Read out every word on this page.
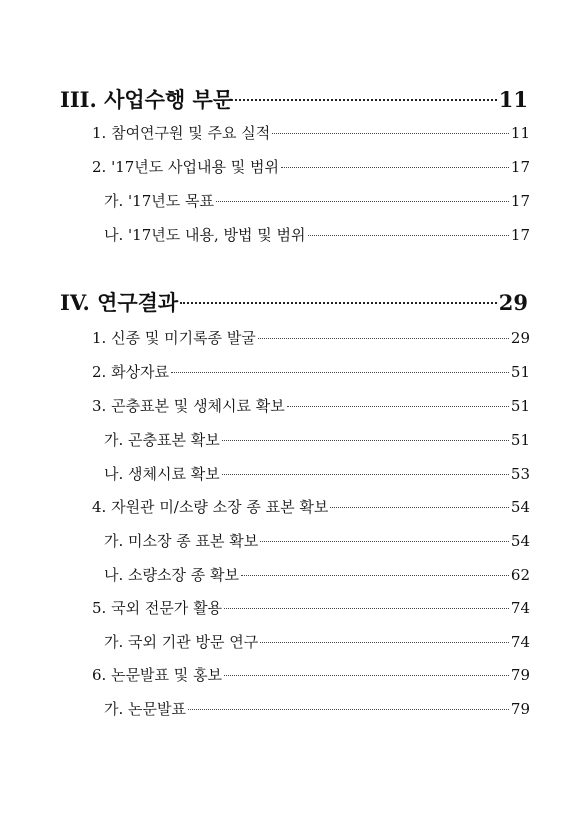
III. 사업수행 부문	11
1. 참여연구원 및 주요 실적	11
2. '17년도 사업내용 및 범위	17
가. '17년도 목표	17
나. '17년도 내용, 방법 및 범위	17
IV. 연구결과	29
1. 신종 및 미기록종 발굴	29
2. 화상자료	51
3. 곤충표본 및 생체시료 확보	51
가. 곤충표본 확보	51
나. 생체시료 확보	53
4. 자원관 미/소량 소장 종 표본 확보	54
가. 미소장 종 표본 확보	54
나. 소량소장 종 확보	62
5. 국외 전문가 활용	74
가. 국외 기관 방문 연구	74
6. 논문발표 및 홍보	79
가. 논문발표	79
